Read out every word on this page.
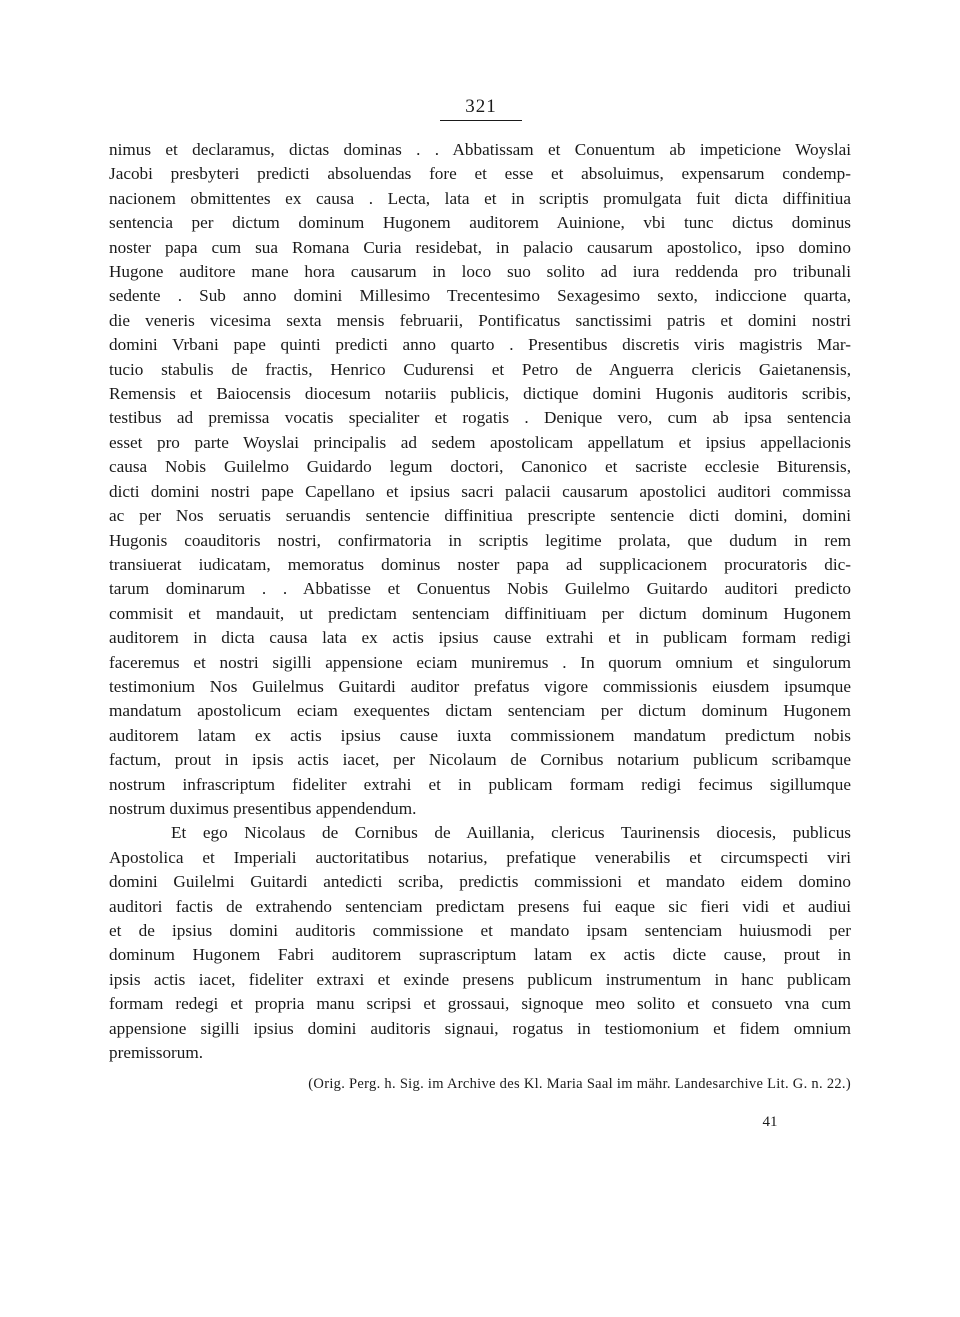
321
nimus et declaramus, dictas dominas . . Abbatissam et Conuentum ab impeticione Woyslai
Jacobi presbyteri predicti absoluendas fore et esse et absoluimus, expensarum condemp-
nacionem obmittentes ex causa . Lecta, lata et in scriptis promulgata fuit dicta diffinitiua
sentencia per dictum dominum Hugonem auditorem Auinione, vbi tunc dictus dominus
noster papa cum sua Romana Curia residebat, in palacio causarum apostolico, ipso domino
Hugone auditore mane hora causarum in loco suo solito ad iura reddenda pro tribunali
sedente . Sub anno domini Millesimo Trecentesimo Sexagesimo sexto, indiccione quarta,
die veneris vicesima sexta mensis februarii, Pontificatus sanctissimi patris et domini nostri
domini Vrbani pape quinti predicti anno quarto . Presentibus discretis viris magistris Mar-
tucio stabulis de fractis, Henrico Cudurensi et Petro de Anguerra clericis Gaietanensis,
Remensis et Baiocensis diocesum notariis publicis, dictique domini Hugonis auditoris scribis,
testibus ad premissa vocatis specialiter et rogatis . Denique vero, cum ab ipsa sentencia
esset pro parte Woyslai principalis ad sedem apostolicam appellatum et ipsius appellacionis
causa Nobis Guilelmo Guidardo legum doctori, Canonico et sacriste ecclesie Biturensis,
dicti domini nostri pape Capellano et ipsius sacri palacii causarum apostolici auditori commissa
ac per Nos seruatis seruandis sentencie diffinitiua prescripte sentencie dicti domini, domini
Hugonis coauditoris nostri, confirmatoria in scriptis legitime prolata, que dudum in rem
transiuerat iudicatam, memoratus dominus noster papa ad supplicacionem procuratoris dic-
tarum dominarum . . Abbatisse et Conuentus Nobis Guilelmo Guitardo auditori predicto
commisit et mandauit, ut predictam sentenciam diffinitiuam per dictum dominum Hugonem
auditorem in dicta causa lata ex actis ipsius cause extrahi et in publicam formam redigi
faceremus et nostri sigilli appensione eciam muniremus . In quorum omnium et singulorum
testimonium Nos Guilelmus Guitardi auditor prefatus vigore commissionis eiusdem ipsumque
mandatum apostolicum eciam exequentes dictam sentenciam per dictum dominum Hugonem
auditorem latam ex actis ipsius cause iuxta commissionem mandatum predictum nobis
factum, prout in ipsis actis iacet, per Nicolaum de Cornibus notarium publicum scribamque
nostrum infrascriptum fideliter extrahi et in publicam formam redigi fecimus sigillumque
nostrum duximus presentibus appendendum.
Et ego Nicolaus de Cornibus de Auillania, clericus Taurinensis diocesis, publicus
Apostolica et Imperiali auctoritatibus notarius, prefatique venerabilis et circumspecti viri
domini Guilelmi Guitardi antedicti scriba, predictis commissioni et mandato eidem domino
auditori factis de extrahendo sentenciam predictam presens fui eaque sic fieri vidi et audiui
et de ipsius domini auditoris commissione et mandato ipsam sentenciam huiusmodi per
dominum Hugonem Fabri auditorem suprascriptum latam ex actis dicte cause, prout in
ipsis actis iacet, fideliter extraxi et exinde presens publicum instrumentum in hanc publicam
formam redegi et propria manu scripsi et grossaui, signoque meo solito et consueto vna cum
appensione sigilli ipsius domini auditoris signaui, rogatus in testiomonium et fidem omnium
premissorum.
(Orig. Perg. h. Sig. im Archive des Kl. Maria Saal im mähr. Landesarchive Lit. G. n. 22.)
41
